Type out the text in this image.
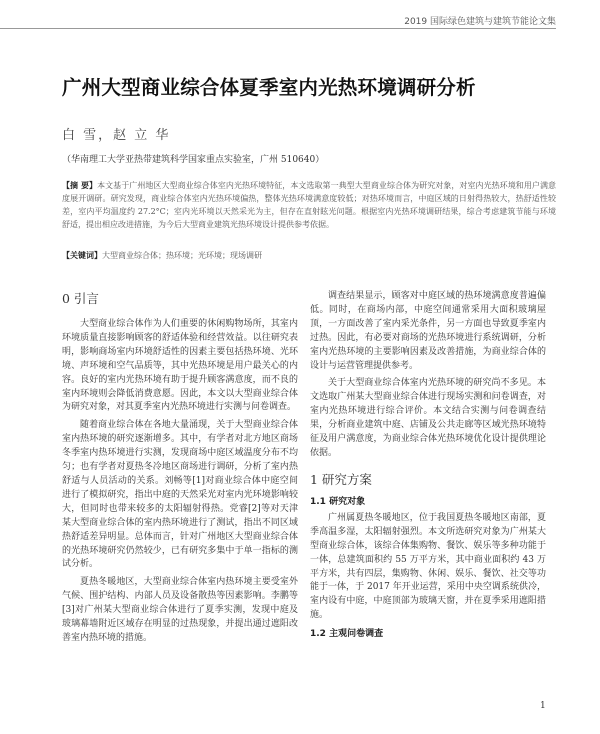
2019 国际绿色建筑与建筑节能论文集
广州大型商业综合体夏季室内光热环境调研分析
白 雪，赵 立 华
（华南理工大学亚热带建筑科学国家重点实验室，广州 510640）

【摘 要】本文基于广州地区大型商业综合体室内光热环境特征，本文选取第一典型大型商业综合体为研究对象，对室内光热环境和用户满意度展开调研。研究发现，商业综合体室内光热环境偏热，整体光热环境满意度较低；对热环境而言，中庭区域的日射得热较大，热舒适性较差，室内平均温度约 27.2°C；室内光环境以天然采光为主，但存在直射眩光问题。根据室内光热环境调研结果，综合考虑建筑节能与环境舒适，提出相应改进措施，为今后大型商业建筑光热环境设计提供参考依据。

【关键词】大型商业综合体；热环境；光环境；现场调研
0 引言

大型商业综合体作为人们重要的休闲购物场所，其室内环境质量直接影响顾客的舒适体验和经营效益。以往研究表明，影响商场室内环境舒适性的因素主要包括热环境、光环境、声环境和空气品质等，其中光热环境是用户最关心的内容。良好的室内光热环境有助于提升顾客满意度，而不良的室内环境则会降低消费意愿。因此，本文以大型商业综合体为研究对象，对其夏季室内光热环境进行实测与问卷调查。

随着商业综合体在各地大量涌现，关于大型商业综合体室内热环境的研究逐渐增多。其中，有学者对北方地区商场冬季室内热环境进行实测，发现商场中庭区域温度分布不均匀；也有学者对夏热冬冷地区商场进行调研，分析了室内热舒适与人员活动的关系。刘畅等[1]对商业综合体中庭空间进行了模拟研究，指出中庭的天然采光对室内光环境影响较大，但同时也带来较多的太阳辐射得热。党睿[2]等对天津某大型商业综合体的室内热环境进行了测试，指出不同区域热舒适差异明显。总体而言，针对广州地区大型商业综合体的光热环境研究仍然较少，已有研究多集中于单一指标的测试分析。

夏热冬暖地区，大型商业综合体室内热环境主要受室外气候、围护结构、内部人员及设备散热等因素影响。李鹏等[3]对广州某大型商业综合体进行了夏季实测，发现中庭及玻璃幕墙附近区域存在明显的过热现象，并提出通过遮阳改善室内热环境的措施。

调查结果显示，顾客对中庭区域的热环境满意度普遍偏低。同时，在商场内部，中庭空间通常采用大面积玻璃屋顶，一方面改善了室内采光条件，另一方面也导致夏季室内过热。因此，有必要对商场的光热环境进行系统调研，分析室内光热环境的主要影响因素及改善措施，为商业综合体的设计与运营管理提供参考。

关于大型商业综合体室内光热环境的研究尚不多见。本文选取广州某大型商业综合体进行现场实测和问卷调查，对室内光热环境进行综合评价。本文结合实测与问卷调查结果，分析商业建筑中庭、店铺及公共走廊等区域光热环境特征及用户满意度，为商业综合体光热环境优化设计提供理论依据。

1 研究方案
1.1 研究对象

广州属夏热冬暖地区，位于我国夏热冬暖地区南部，夏季高温多湿，太阳辐射强烈。本文所选研究对象为广州某大型商业综合体，该综合体集购物、餐饮、娱乐等多种功能于一体，总建筑面积约 55 万平方米，其中商业面积约 43 万平方米，共有四层，集购物、休闲、娱乐、餐饮、社交等功能于一体，于 2017 年开业运营，采用中央空调系统供冷，室内设有中庭，中庭顶部为玻璃天窗，并在夏季采用遮阳措施。

1.2 主观问卷调查
1
